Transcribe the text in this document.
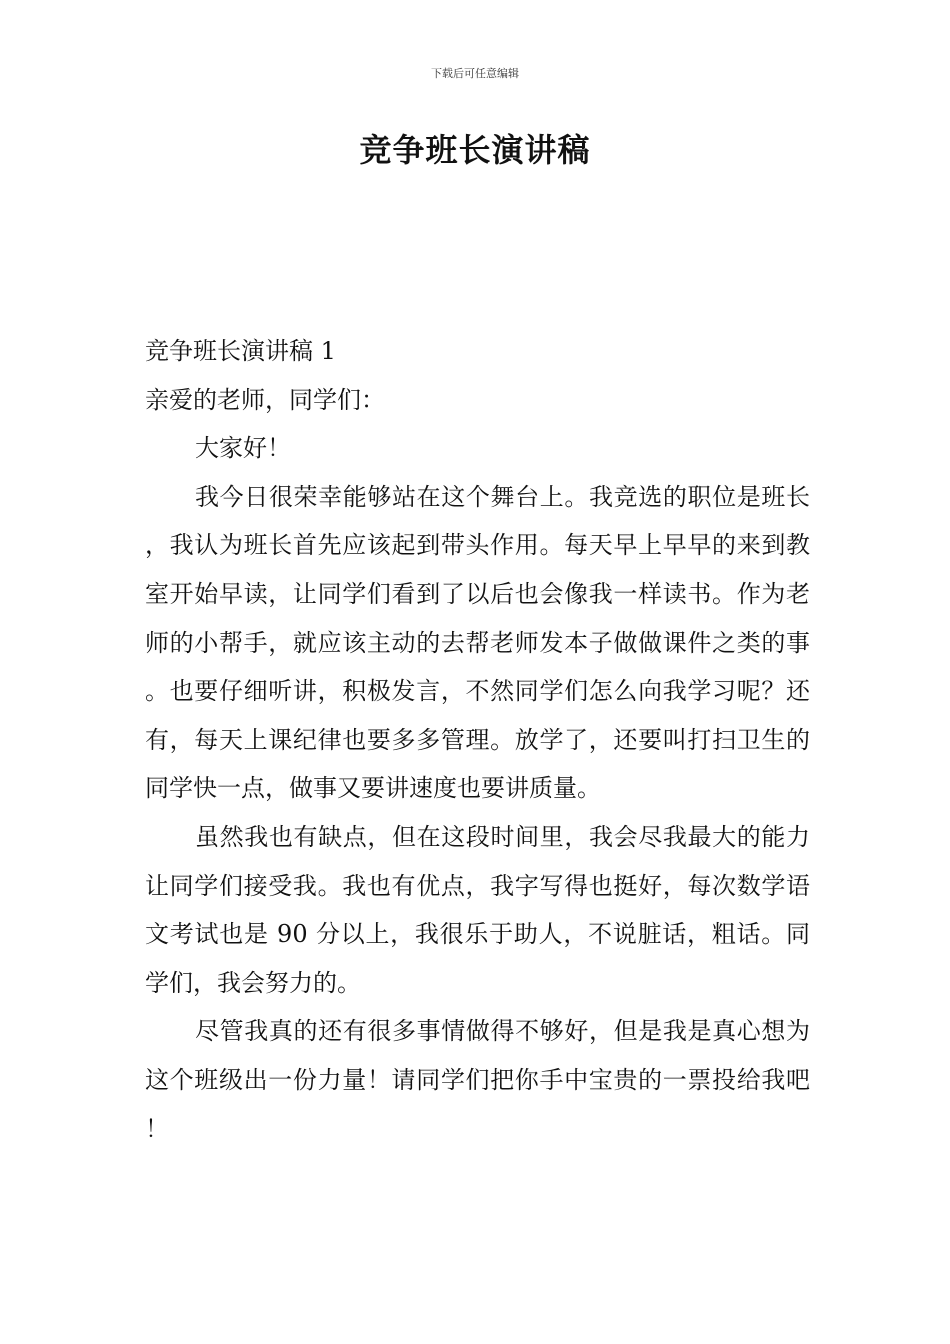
下载后可任意编辑
竞争班长演讲稿

竞争班长演讲稿 1

亲爱的老师，同学们：

大家好！

我今日很荣幸能够站在这个舞台上。我竞选的职位是班长，我认为班长首先应该起到带头作用。每天早上早早的来到教室开始早读，让同学们看到了以后也会像我一样读书。作为老师的小帮手，就应该主动的去帮老师发本子做做课件之类的事。也要仔细听讲，积极发言，不然同学们怎么向我学习呢？还有，每天上课纪律也要多多管理。放学了，还要叫打扫卫生的同学快一点，做事又要讲速度也要讲质量。

虽然我也有缺点，但在这段时间里，我会尽我最大的能力让同学们接受我。我也有优点，我字写得也挺好，每次数学语文考试也是 90 分以上，我很乐于助人，不说脏话，粗话。同学们，我会努力的。

尽管我真的还有很多事情做得不够好，但是我是真心想为这个班级出一份力量！请同学们把你手中宝贵的一票投给我吧！
